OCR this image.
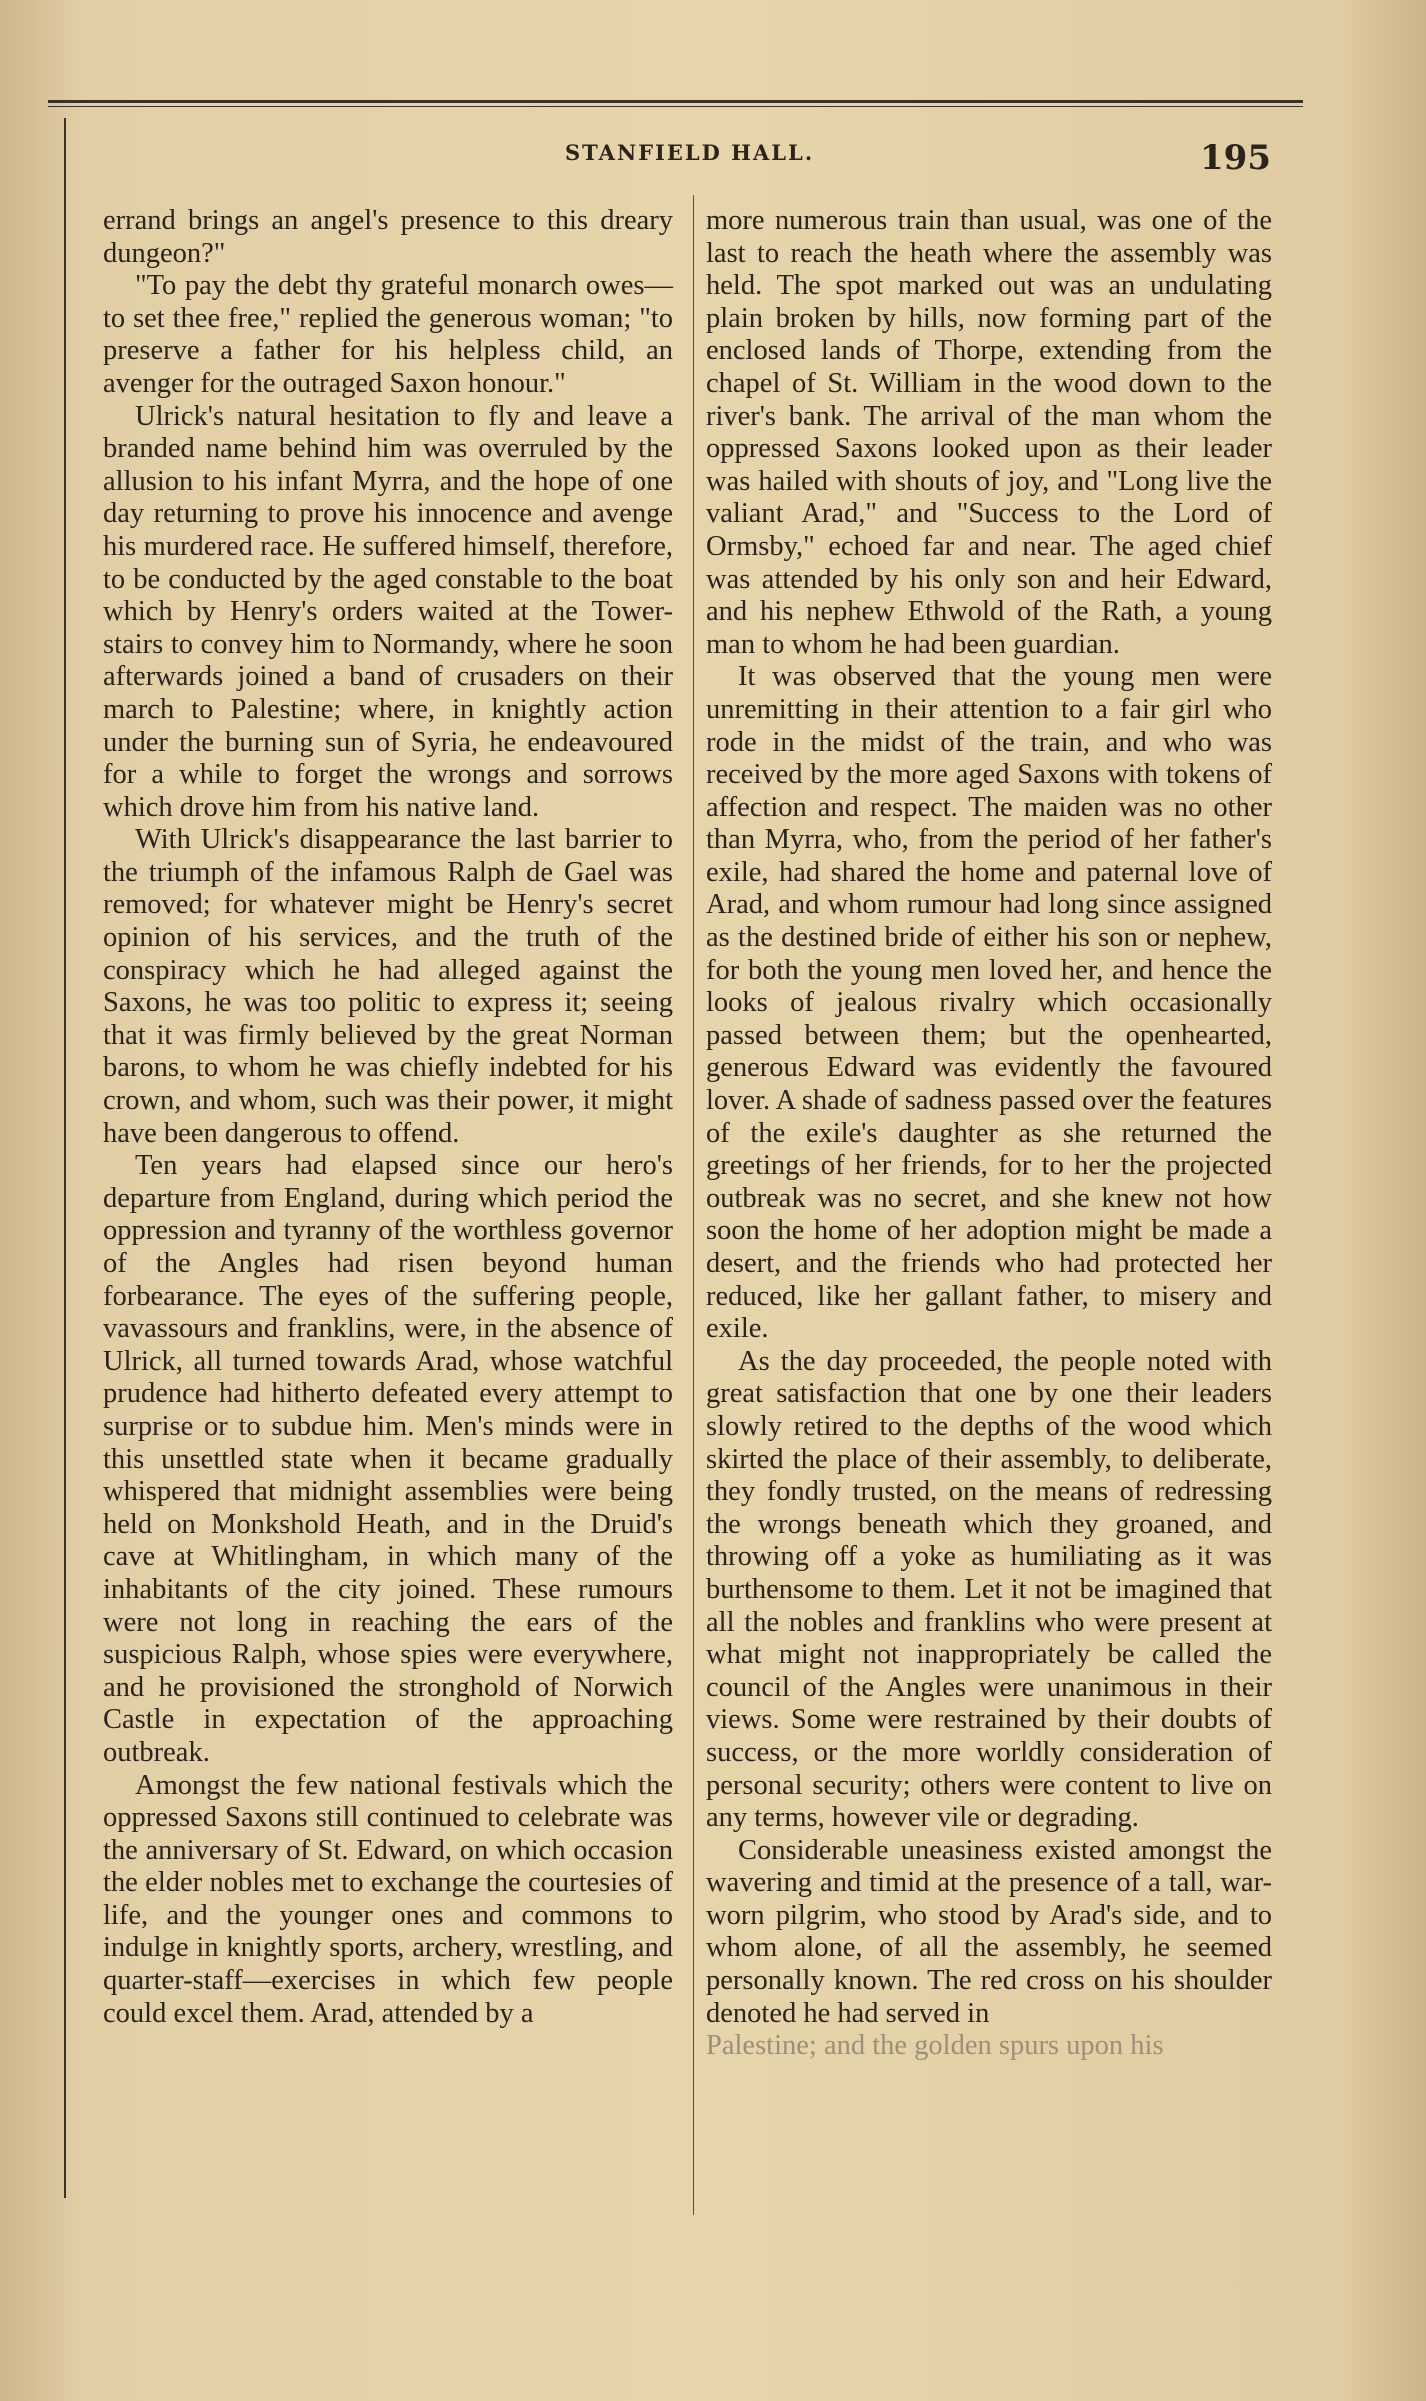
STANFIELD HALL.	195

errand brings an angel's presence to this dreary dungeon?"

"To pay the debt thy grateful monarch owes—to set thee free," replied the generous woman; "to preserve a father for his helpless child, an avenger for the outraged Saxon honour."

Ulrick's natural hesitation to fly and leave a branded name behind him was overruled by the allusion to his infant Myrra, and the hope of one day returning to prove his innocence and avenge his murdered race. He suffered himself, therefore, to be conducted by the aged constable to the boat which by Henry's orders waited at the Tower-stairs to convey him to Normandy, where he soon afterwards joined a band of crusaders on their march to Palestine; where, in knightly action under the burning sun of Syria, he endeavoured for a while to forget the wrongs and sorrows which drove him from his native land.

With Ulrick's disappearance the last barrier to the triumph of the infamous Ralph de Gael was removed; for whatever might be Henry's secret opinion of his services, and the truth of the conspiracy which he had alleged against the Saxons, he was too politic to express it; seeing that it was firmly believed by the great Norman barons, to whom he was chiefly indebted for his crown, and whom, such was their power, it might have been dangerous to offend.

Ten years had elapsed since our hero's departure from England, during which period the oppression and tyranny of the worthless governor of the Angles had risen beyond human forbearance. The eyes of the suffering people, vavassours and franklins, were, in the absence of Ulrick, all turned towards Arad, whose watchful prudence had hitherto defeated every attempt to surprise or to subdue him. Men's minds were in this unsettled state when it became gradually whispered that midnight assemblies were being held on Monkshold Heath, and in the Druid's cave at Whitlingham, in which many of the inhabitants of the city joined. These rumours were not long in reaching the ears of the suspicious Ralph, whose spies were everywhere, and he provisioned the stronghold of Norwich Castle in expectation of the approaching outbreak.

Amongst the few national festivals which the oppressed Saxons still continued to celebrate was the anniversary of St. Edward, on which occasion the elder nobles met to exchange the courtesies of life, and the younger ones and commons to indulge in knightly sports, archery, wrestling, and quarter-staff—exercises in which few people could excel them. Arad, attended by a

more numerous train than usual, was one of the last to reach the heath where the assembly was held. The spot marked out was an undulating plain broken by hills, now forming part of the enclosed lands of Thorpe, extending from the chapel of St. William in the wood down to the river's bank. The arrival of the man whom the oppressed Saxons looked upon as their leader was hailed with shouts of joy, and "Long live the valiant Arad," and "Success to the Lord of Ormsby," echoed far and near. The aged chief was attended by his only son and heir Edward, and his nephew Ethwold of the Rath, a young man to whom he had been guardian.

It was observed that the young men were unremitting in their attention to a fair girl who rode in the midst of the train, and who was received by the more aged Saxons with tokens of affection and respect. The maiden was no other than Myrra, who, from the period of her father's exile, had shared the home and paternal love of Arad, and whom rumour had long since assigned as the destined bride of either his son or nephew, for both the young men loved her, and hence the looks of jealous rivalry which occasionally passed between them; but the openhearted, generous Edward was evidently the favoured lover. A shade of sadness passed over the features of the exile's daughter as she returned the greetings of her friends, for to her the projected outbreak was no secret, and she knew not how soon the home of her adoption might be made a desert, and the friends who had protected her reduced, like her gallant father, to misery and exile.

As the day proceeded, the people noted with great satisfaction that one by one their leaders slowly retired to the depths of the wood which skirted the place of their assembly, to deliberate, they fondly trusted, on the means of redressing the wrongs beneath which they groaned, and throwing off a yoke as humiliating as it was burthensome to them. Let it not be imagined that all the nobles and franklins who were present at what might not inappropriately be called the council of the Angles were unanimous in their views. Some were restrained by their doubts of success, or the more worldly consideration of personal security; others were content to live on any terms, however vile or degrading.

Considerable uneasiness existed amongst the wavering and timid at the presence of a tall, war-worn pilgrim, who stood by Arad's side, and to whom alone, of all the assembly, he seemed personally known. The red cross on his shoulder denoted he had served in

Palestine; and the golden spurs upon his
